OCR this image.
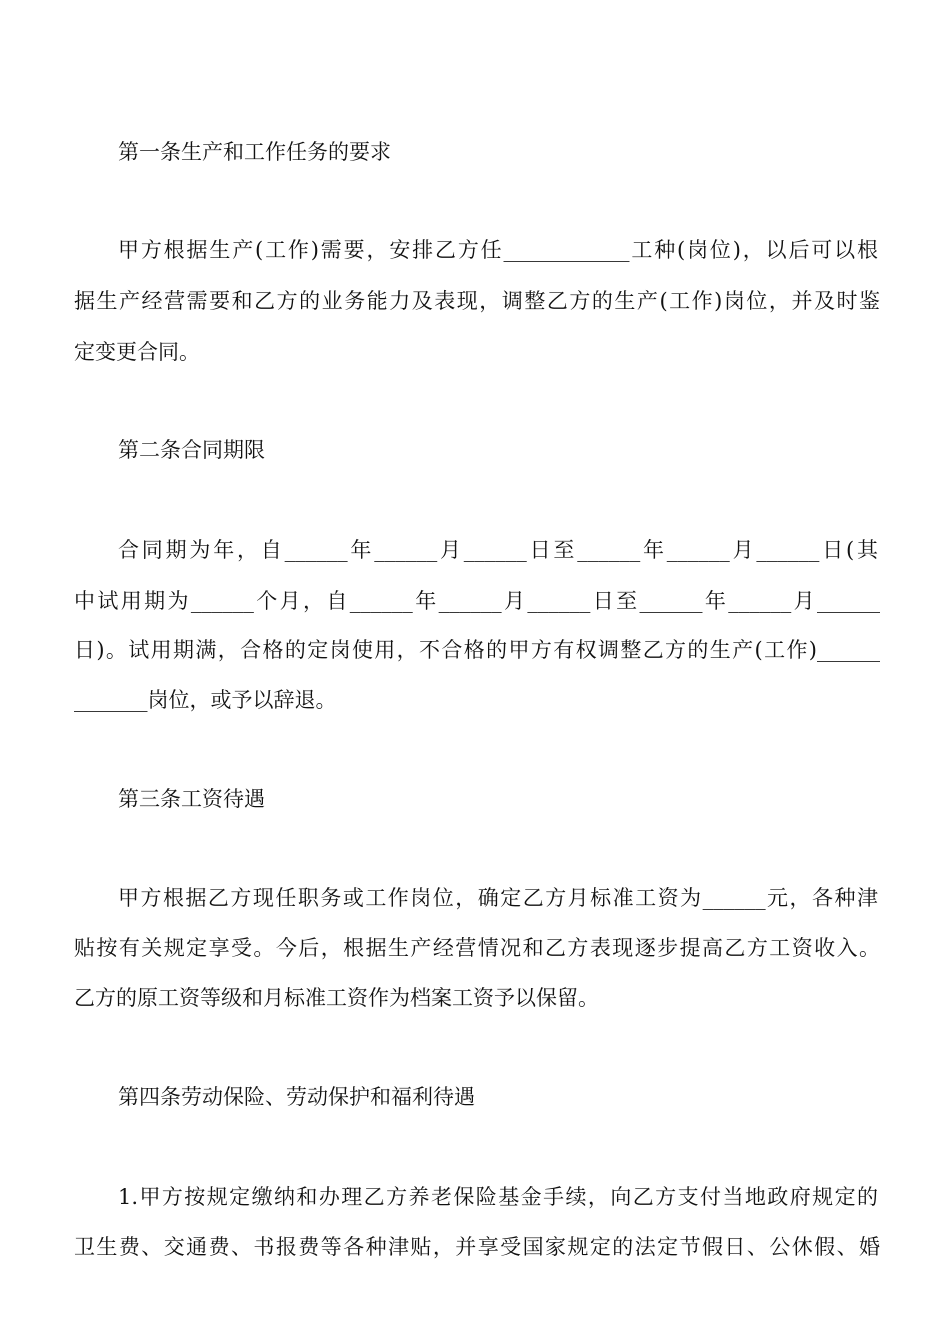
第一条生产和工作任务的要求
甲方根据生产(工作)需要，安排乙方任____________工种(岗位)，以后可以根
据生产经营需要和乙方的业务能力及表现，调整乙方的生产(工作)岗位，并及时鉴
定变更合同。
第二条合同期限
合同期为年，自______年______月______日至______年______月______日(其
中试用期为______个月，自______年______月______日至______年______月______
日)。试用期满，合格的定岗使用，不合格的甲方有权调整乙方的生产(工作)______
_______岗位，或予以辞退。
第三条工资待遇
甲方根据乙方现任职务或工作岗位，确定乙方月标准工资为______元，各种津
贴按有关规定享受。今后，根据生产经营情况和乙方表现逐步提高乙方工资收入。
乙方的原工资等级和月标准工资作为档案工资予以保留。
第四条劳动保险、劳动保护和福利待遇
1.甲方按规定缴纳和办理乙方养老保险基金手续，向乙方支付当地政府规定的
卫生费、交通费、书报费等各种津贴，并享受国家规定的法定节假日、公休假、婚
